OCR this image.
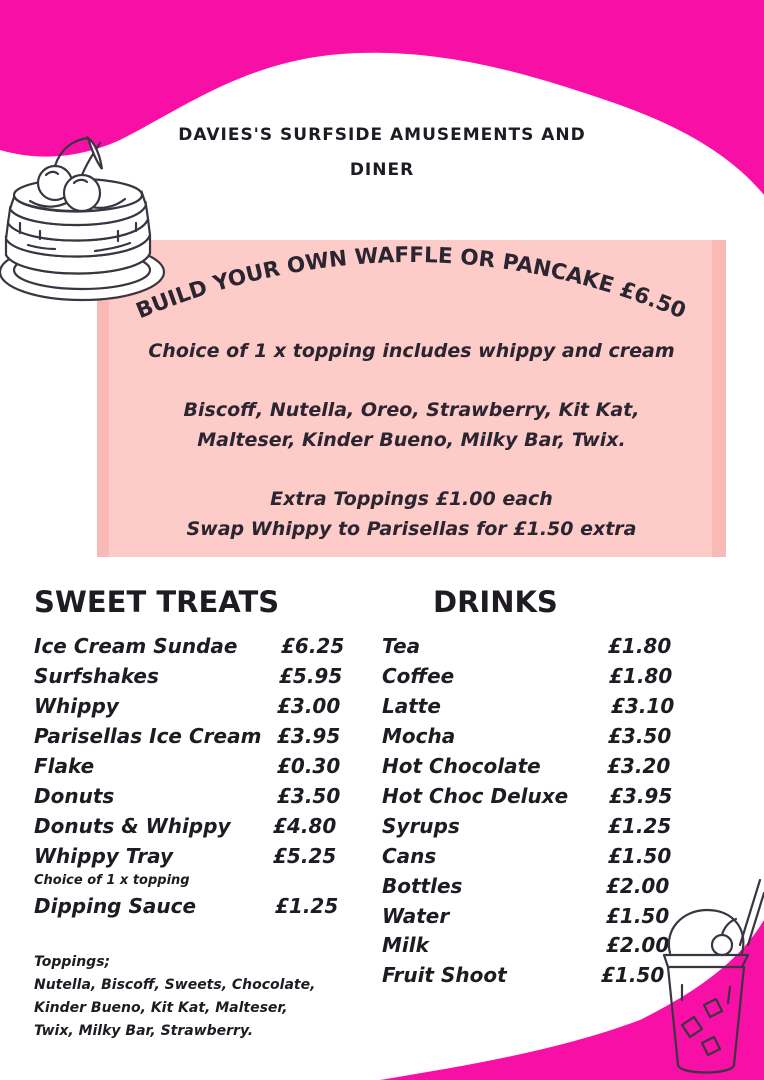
DAVIES'S SURFSIDE AMUSEMENTS AND
DINER
BUILD YOUR OWN WAFFLE OR PANCAKE £6.50
Choice of 1 x topping includes whippy and cream
Biscoff, Nutella, Oreo, Strawberry, Kit Kat,
Malteser, Kinder Bueno, Milky Bar, Twix.
Extra Toppings £1.00 each
Swap Whippy to Parisellas for £1.50 extra
SWEET TREATS	DRINKS
Ice Cream Sundae £6.25
Surfshakes	£5.95
Whippy	£3.00
Parisellas Ice Cream £3.95
Flake	£0.30
Donuts	£3.50
Donuts & Whippy £4.80
Whippy Tray	£5.25
Choice of 1 x topping
Dipping Sauce	£1.25
Toppings;
Nutella, Biscoff, Sweets, Chocolate,
Kinder Bueno, Kit Kat, Malteser,
Twix, Milky Bar, Strawberry.
Tea	£1.80
Coffee	£1.80
Latte	£3.10
Mocha	£3.50
Hot Chocolate	£3.20
Hot Choc Deluxe £3.95
Syrups	£1.25
Cans	£1.50
Bottles	£2.00
Water	£1.50
Milk	£2.00
Fruit Shoot	£1.50
